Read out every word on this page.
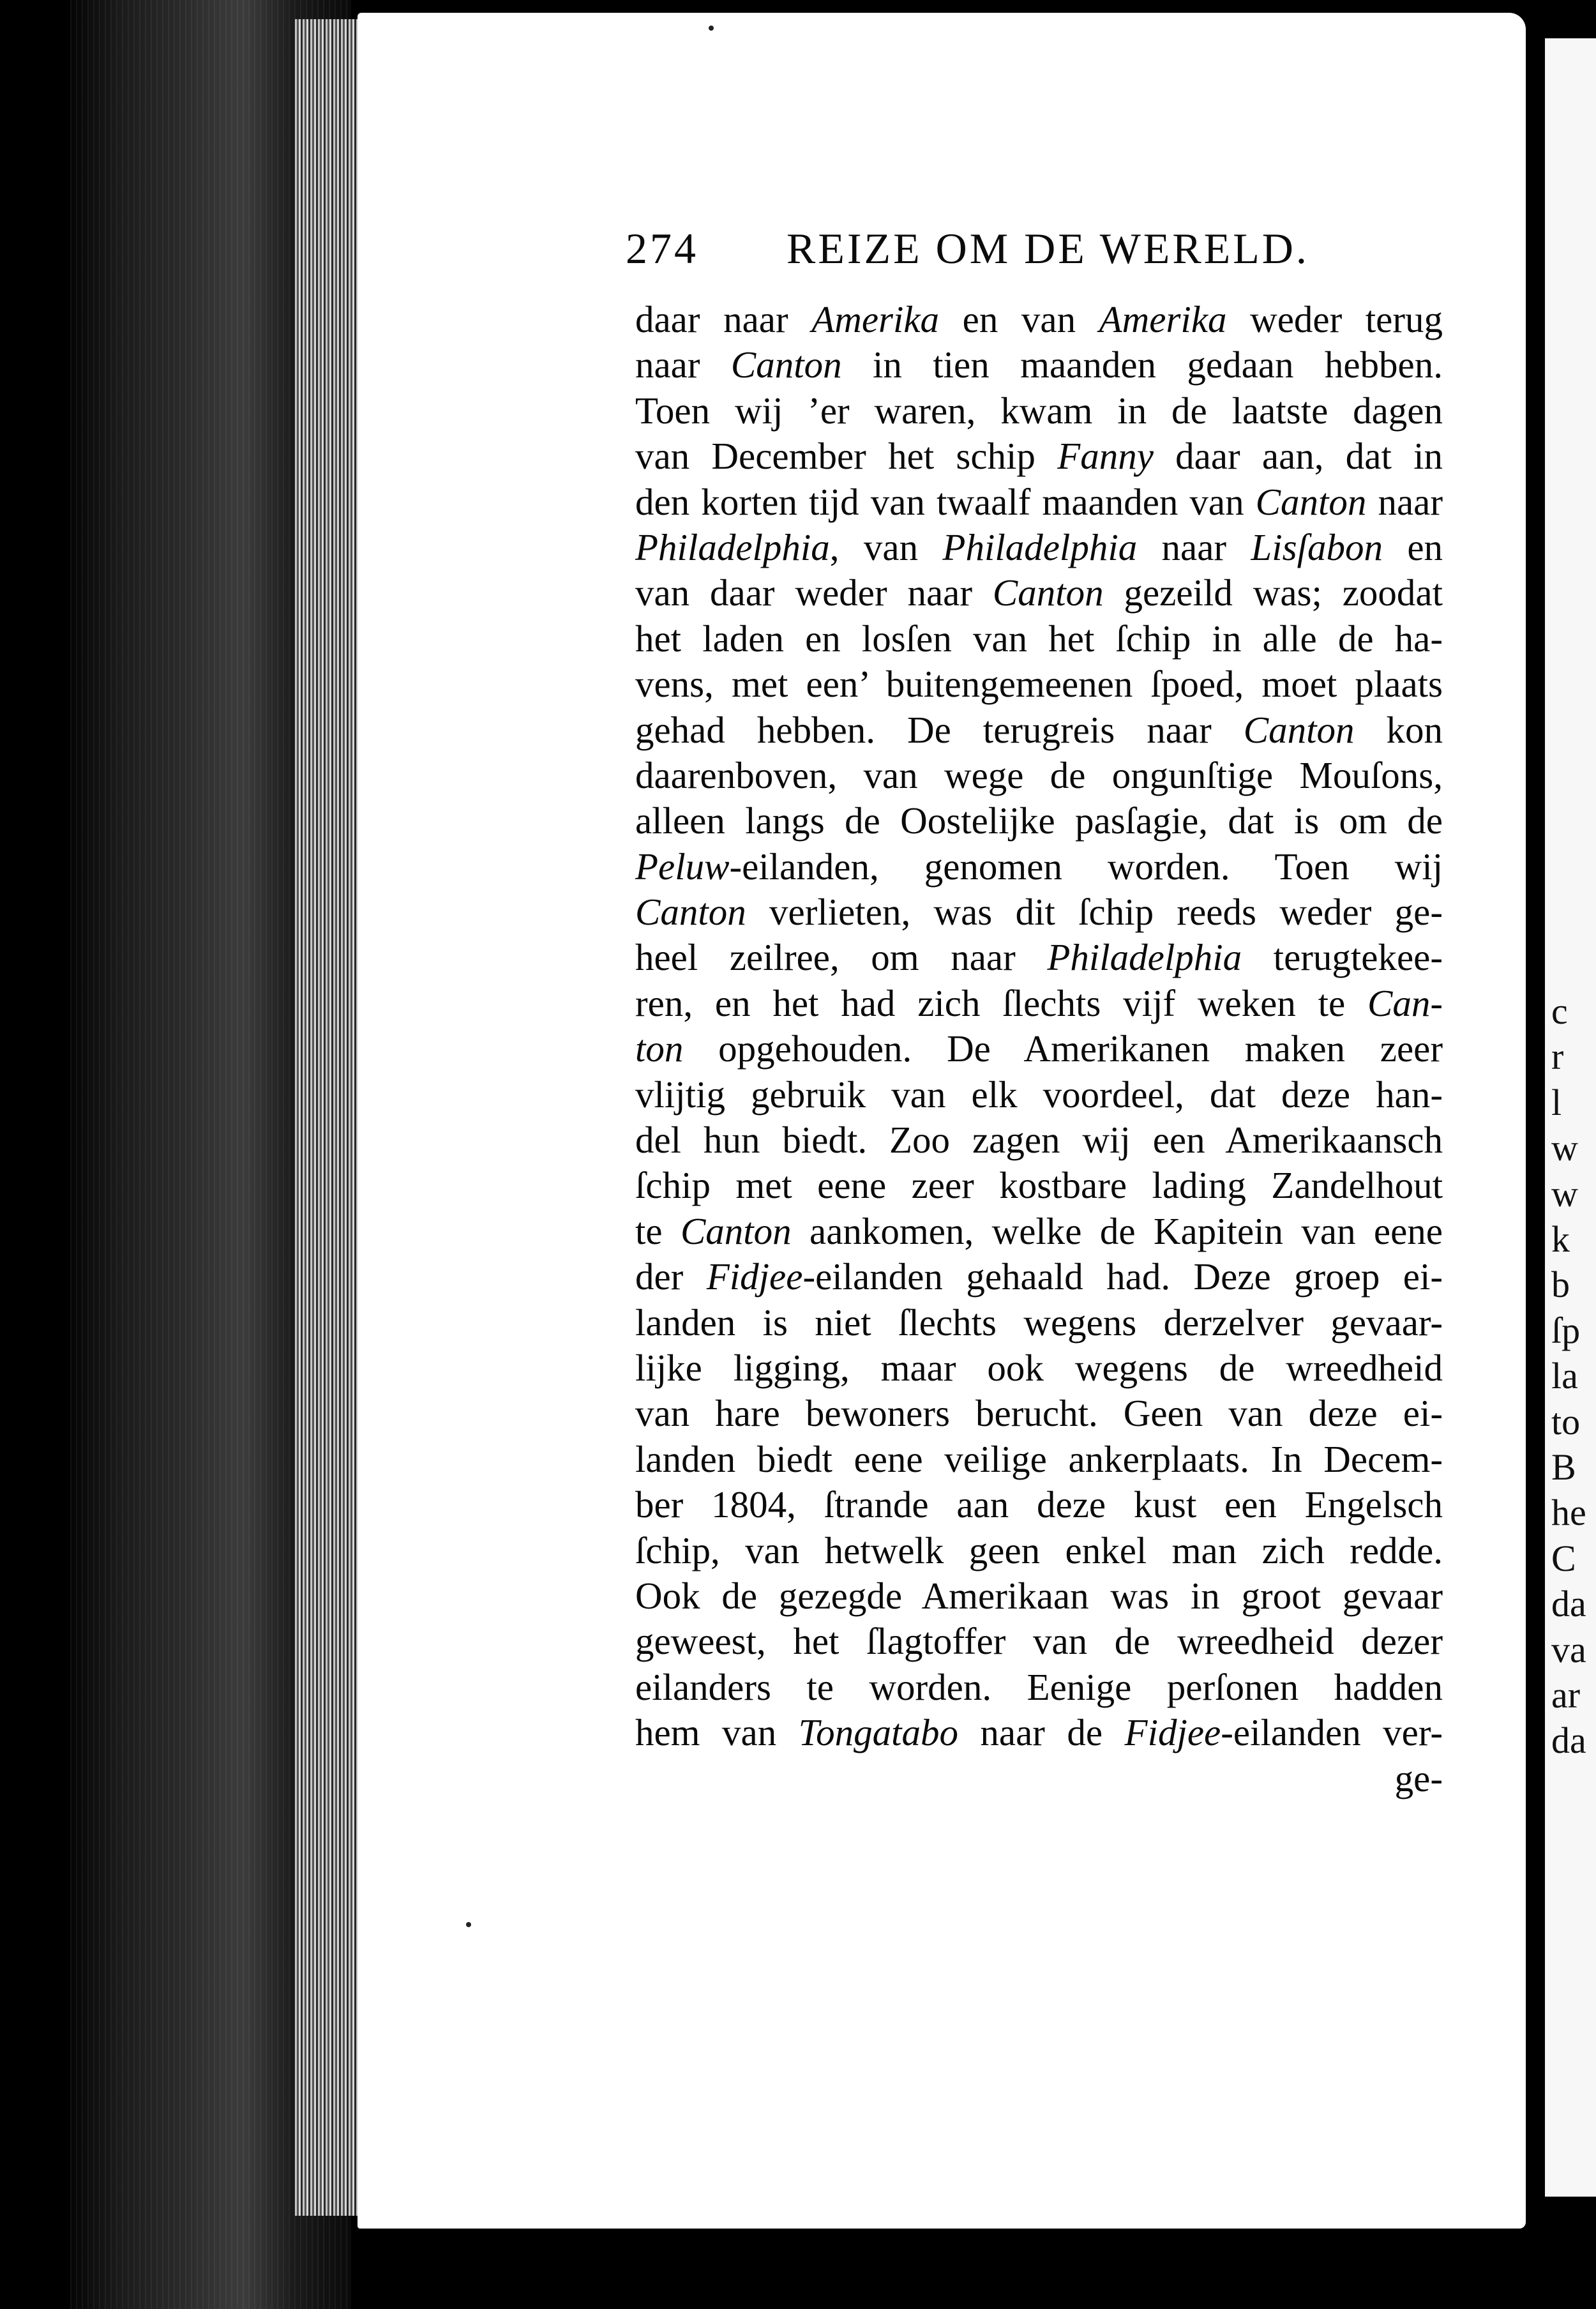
c
r
l
w
w
k
b
ſp
la
to
B
he
C
da
va
ar
da
274 REIZE OM DE WERELD.
daar naar Amerika en van Amerika weder terug
naar Canton in tien maanden gedaan hebben.
Toen wij ’er waren, kwam in de laatste dagen
van December het schip Fanny daar aan, dat in
den korten tijd van twaalf maanden van Canton naar
Philadelphia, van Philadelphia naar Lisſabon en
van daar weder naar Canton gezeild was; zoodat
het laden en losſen van het ſchip in alle de ha-
vens, met een’ buitengemeenen ſpoed, moet plaats
gehad hebben. De terugreis naar Canton kon
daarenboven, van wege de ongunſtige Mouſons,
alleen langs de Oostelijke pasſagie, dat is om de
Peluw-eilanden, genomen worden. Toen wij
Canton verlieten, was dit ſchip reeds weder ge-
heel zeilree, om naar Philadelphia terugtekee-
ren, en het had zich ſlechts vijf weken te Can-
ton opgehouden. De Amerikanen maken zeer
vlijtig gebruik van elk voordeel, dat deze han-
del hun biedt. Zoo zagen wij een Amerikaansch
ſchip met eene zeer kostbare lading Zandelhout
te Canton aankomen, welke de Kapitein van eene
der Fidjee-eilanden gehaald had. Deze groep ei-
landen is niet ſlechts wegens derzelver gevaar-
lijke ligging, maar ook wegens de wreedheid
van hare bewoners berucht. Geen van deze ei-
landen biedt eene veilige ankerplaats. In Decem-
ber 1804, ſtrande aan deze kust een Engelsch
ſchip, van hetwelk geen enkel man zich redde.
Ook de gezegde Amerikaan was in groot gevaar
geweest, het ſlagtoffer van de wreedheid dezer
eilanders te worden. Eenige perſonen hadden
hem van Tongatabo naar de Fidjee-eilanden ver-
ge-
